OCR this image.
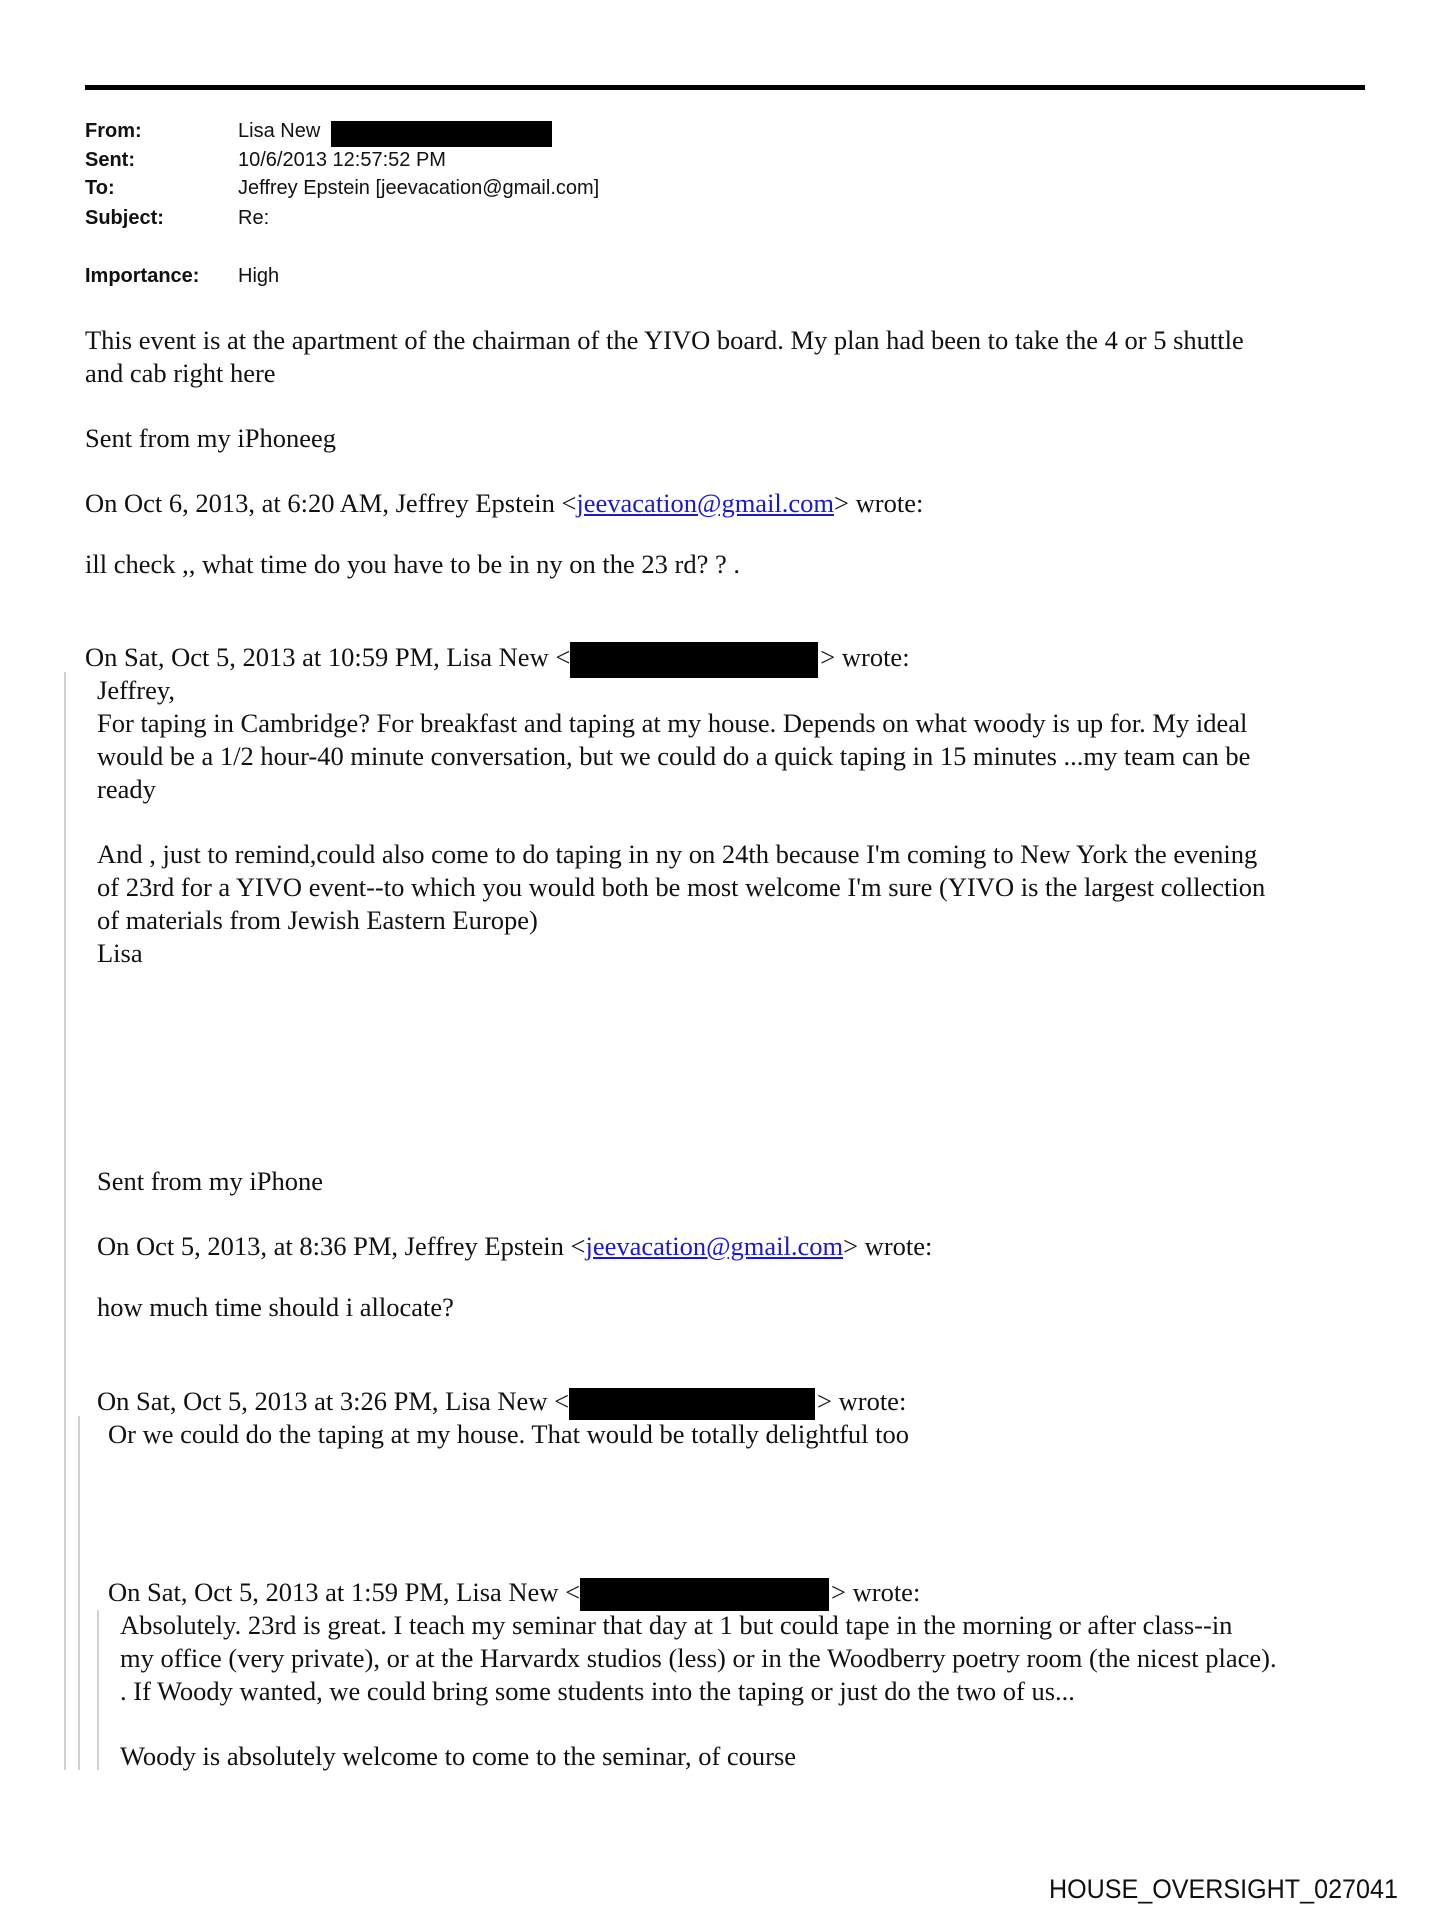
From:	Lisa New
Sent:	10/6/2013 12:57:52 PM
To:	Jeffrey Epstein [jeevacation@gmail.com]
Subject:	Re:
Importance: High
This event is at the apartment of the chairman of the YIVO board. My plan had been to take the 4 or 5 shuttle
and cab right here
Sent from my iPhoneeg
On Oct 6, 2013, at 6:20 AM, Jeffrey Epstein <jeevacation@gmail.com> wrote:
ill check ,, what time do you have to be in ny on the 23 rd? ? .
On Sat, Oct 5, 2013 at 10:59 PM, Lisa New <	> wrote:
Jeffrey,
For taping in Cambridge? For breakfast and taping at my house. Depends on what woody is up for. My ideal
would be a 1/2 hour-40 minute conversation, but we could do a quick taping in 15 minutes ...my team can be
ready
And , just to remind,could also come to do taping in ny on 24th because I'm coming to New York the evening
of 23rd for a YIVO event--to which you would both be most welcome I'm sure (YIVO is the largest collection
of materials from Jewish Eastern Europe)
Lisa
Sent from my iPhone
On Oct 5, 2013, at 8:36 PM, Jeffrey Epstein <jeevacation@gmail.com> wrote:
how much time should i allocate?
On Sat, Oct 5, 2013 at 3:26 PM, Lisa New <	> wrote:
Or we could do the taping at my house. That would be totally delightful too
On Sat, Oct 5, 2013 at 1:59 PM, Lisa New <	> wrote:
Absolutely. 23rd is great. I teach my seminar that day at 1 but could tape in the morning or after class--in
my office (very private), or at the Harvardx studios (less) or in the Woodberry poetry room (the nicest place).
. If Woody wanted, we could bring some students into the taping or just do the two of us...
Woody is absolutely welcome to come to the seminar, of course
HOUSE_OVERSIGHT_027041
